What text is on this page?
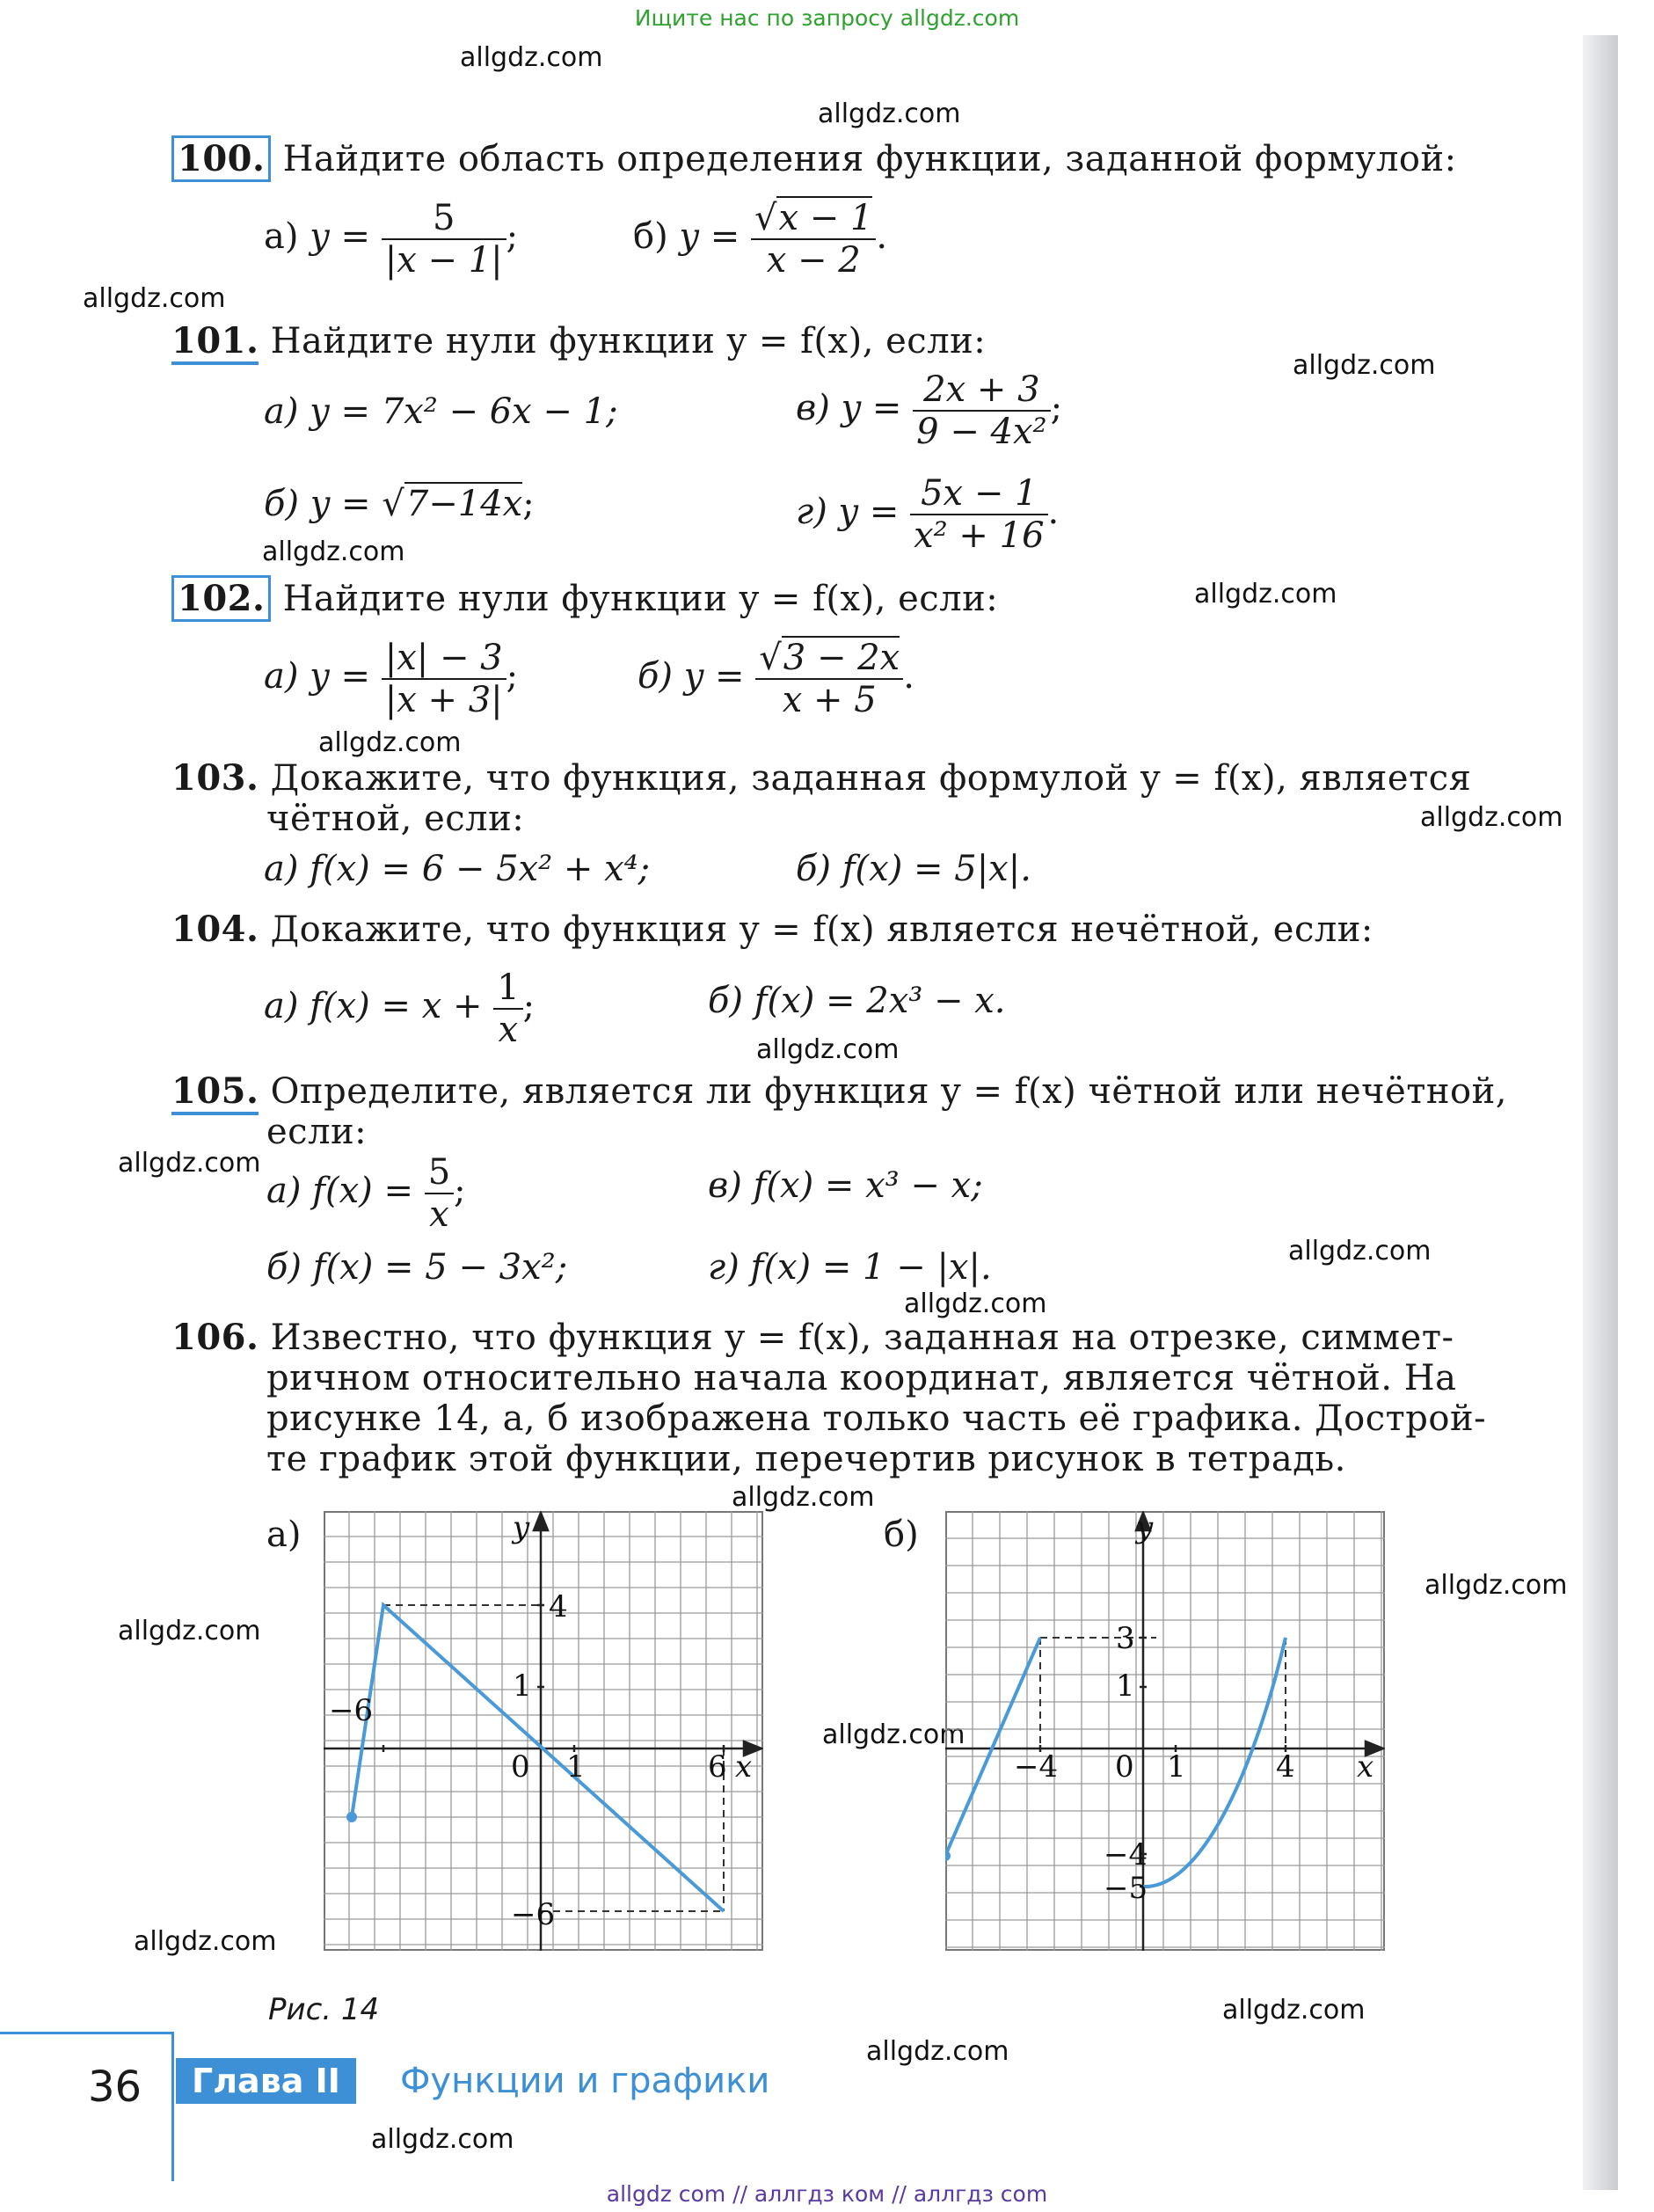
Ищите нас по запросу allgdz.com
allgdz.com
allgdz.com
allgdz.com
allgdz.com
allgdz.com
allgdz.com
allgdz.com
allgdz.com
allgdz.com
allgdz.com
allgdz.com
allgdz.com
allgdz.com
allgdz.com
allgdz.com
allgdz.com
allgdz.com
allgdz.com
allgdz.com
allgdz.com
100. Найдите область определения функции, заданной формулой:
а) $y = \frac{5}{|x - 1|}$ ;	б) $y = \frac{√x - 1}{x - 2}$ .
101. Найдите нули функции y = f(x), если:
а) y = 7x² − 6x − 1;
б) y = √7−14x;
в) $y = \frac{2x + 3}{\text{9 − 4x²}}$ ;
г) $y = \frac{5x - 1}{\text{x² + 16}}$ .
102. Найдите нули функции y = f(x), если:
а) $y = \frac{|x| - 3}{|x + 3|}$ ;	б) $y = \frac{√3 - 2x}{x + 5}$ .
103. Докажите, что функция, заданная формулой y = f(x), является
чётной, если:
а) f(x) = 6 − 5x² + x⁴;	б) f(x) = 5|x|.
104. Докажите, что функция y = f(x) является нечётной, если:
а) $f(x) = x + \frac{1}{x}$ ;	б) f(x) = 2x³ − x.
105. Определите, является ли функция y = f(x) чётной или нечётной,
если:
а) $f(x) = \frac{5}{x}$ ;	в) f(x) = x³ − x;
б) f(x) = 5 − 3x²;	г) f(x) = 1 − |x|.
106. Известно, что функция y = f(x), заданная на отрезке, симмет-
ричном относительно начала координат, является чётной. На
рисунке 14, а, б изображена только часть её графика. Дострой-
те график этой функции, перечертив рисунок в тетрадь.
а)	y
x
4
1
−6
0 1	6
−6
б)	y
x
3
1
−4 0 1	4
−4
−5
Рис. 14
36	Глава II	Функции и графики
allgdz com // аллгдз ком // аллгдз com
